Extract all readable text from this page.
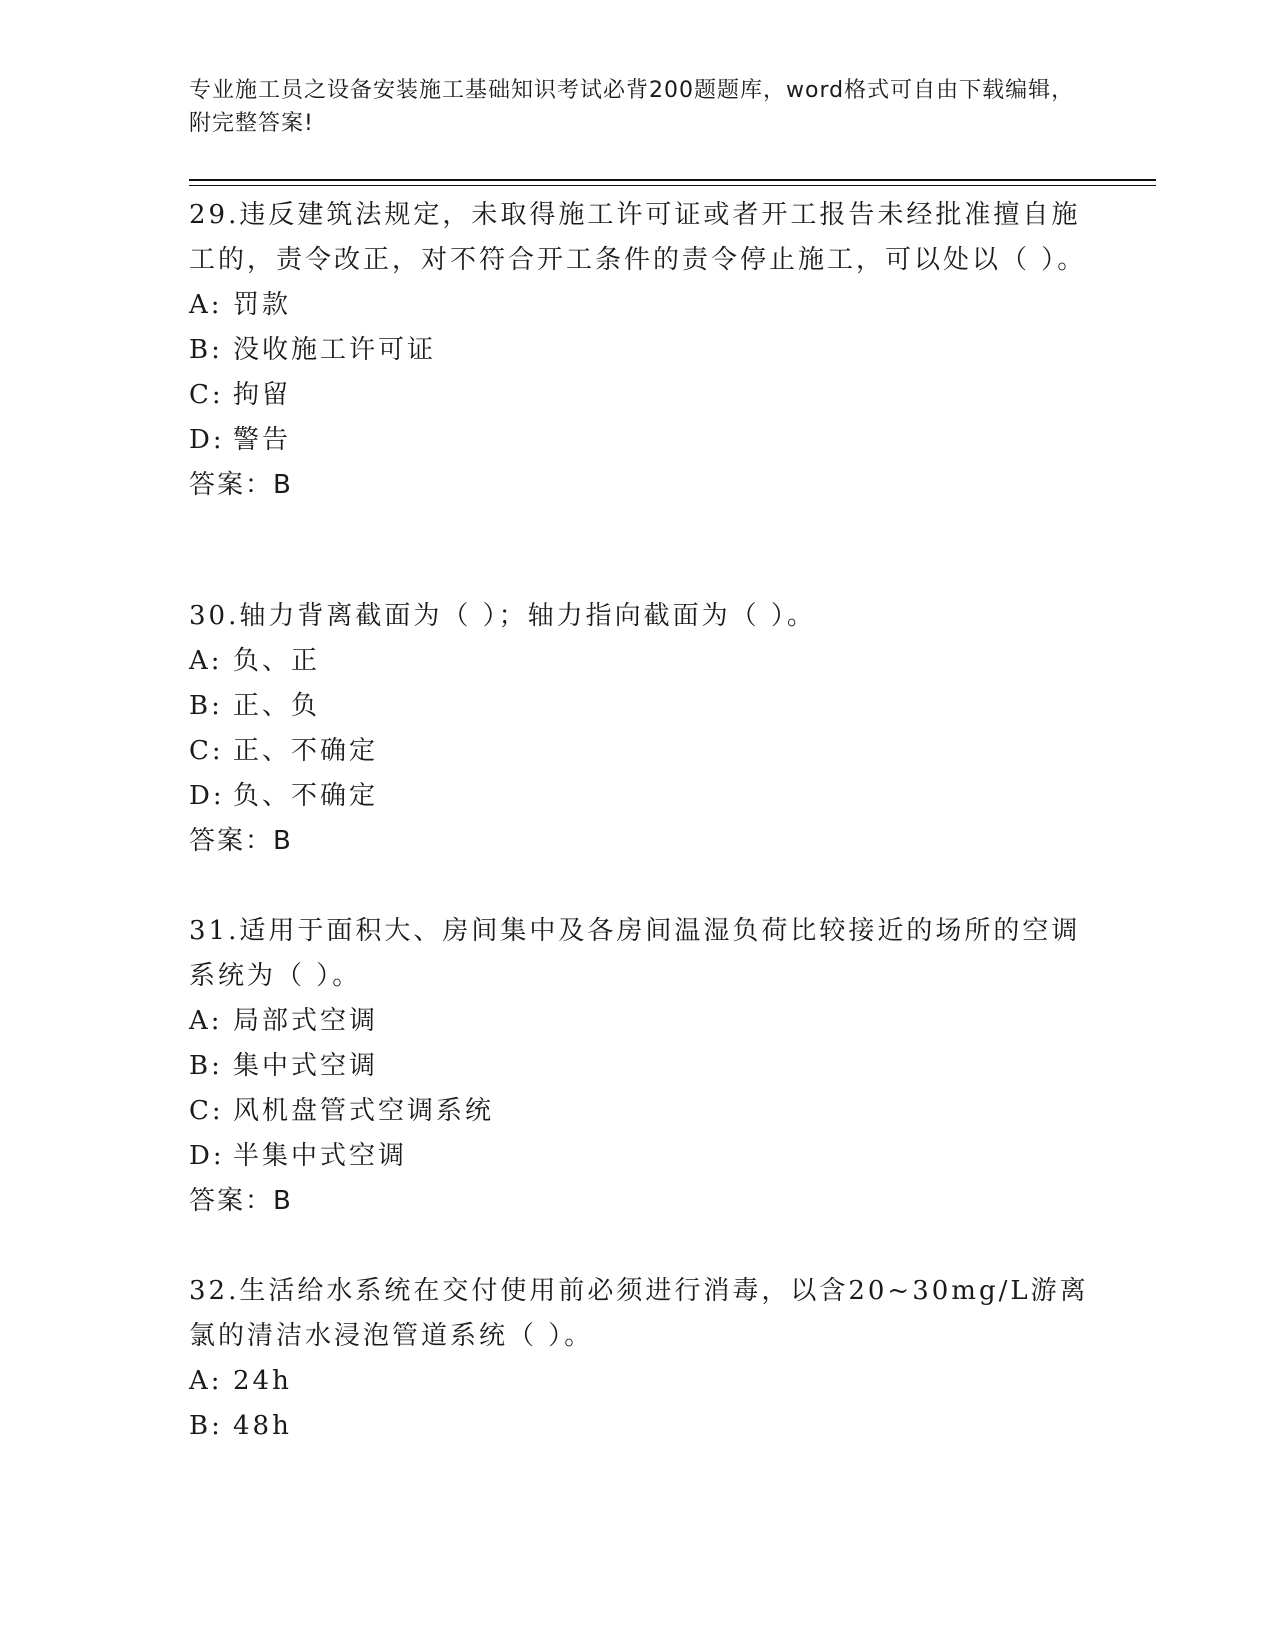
专业施工员之设备安装施工基础知识考试必背200题题库，word格式可自由下载编辑，附完整答案!

29.违反建筑法规定，未取得施工许可证或者开工报告未经批准擅自施工的，责令改正，对不符合开工条件的责令停止施工，可以处以（ ）。

A: 罚款

B: 没收施工许可证

C: 拘留

D: 警告

答案：B

30.轴力背离截面为（ ）；轴力指向截面为（ ）。

A: 负、正

B: 正、负

C: 正、不确定

D: 负、不确定

答案：B

31.适用于面积大、房间集中及各房间温湿负荷比较接近的场所的空调系统为（ ）。

A: 局部式空调

B: 集中式空调

C: 风机盘管式空调系统

D: 半集中式空调

答案：B

32.生活给水系统在交付使用前必须进行消毒，以含20~30mg/L游离氯的清洁水浸泡管道系统（ ）。

A: 24h

B: 48h
